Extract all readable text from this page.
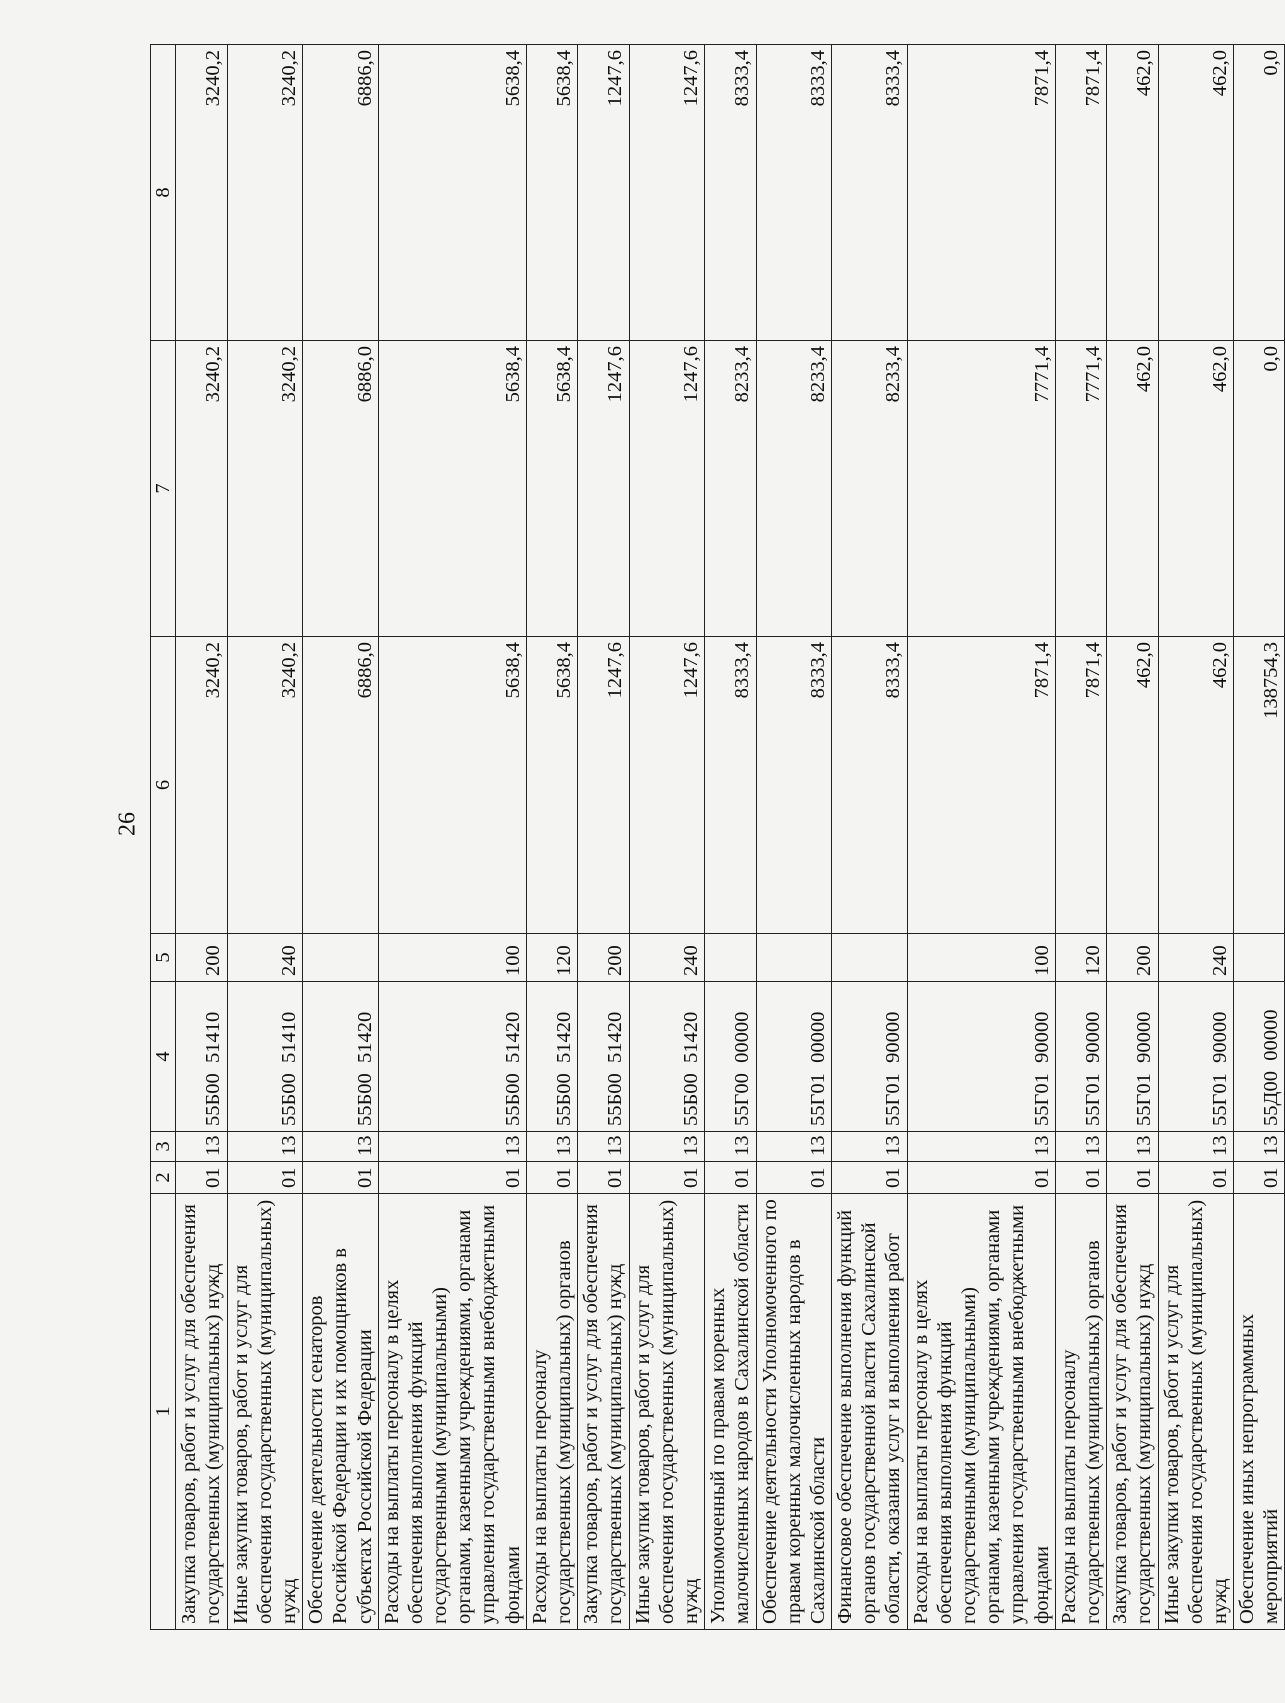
26
1	2	3	4	5	6	7	8
Закупка товаров, работ и услуг для обеспечения государственных (муниципальных) нужд	01	13	55Б00  51410	200	3240,2	3240,2	3240,2
Иные закупки товаров, работ и услуг для обеспечения государственных (муниципальных) нужд	01	13	55Б00  51410	240	3240,2	3240,2	3240,2
Обеспечение деятельности сенаторов Российской Федерации и их помощников в субъектах Российской Федерации	01	13	55Б00  51420		6886,0	6886,0	6886,0
Расходы на выплаты персоналу в целях обеспечения выполнения функций государственными (муниципальными) органами, казенными учреждениями, органами управления государственными внебюджетными фондами	01	13	55Б00  51420	100	5638,4	5638,4	5638,4
Расходы на выплаты персоналу государственных (муниципальных) органов	01	13	55Б00  51420	120	5638,4	5638,4	5638,4
Закупка товаров, работ и услуг для обеспечения государственных (муниципальных) нужд	01	13	55Б00  51420	200	1247,6	1247,6	1247,6
Иные закупки товаров, работ и услуг для обеспечения государственных (муниципальных) нужд	01	13	55Б00  51420	240	1247,6	1247,6	1247,6
Уполномоченный по правам коренных малочисленных народов в Сахалинской области	01	13	55Г00  00000		8333,4	8233,4	8333,4
Обеспечение деятельности Уполномоченного по правам коренных малочисленных народов в Сахалинской области	01	13	55Г01  00000		8333,4	8233,4	8333,4
Финансовое обеспечение выполнения функций органов государственной власти Сахалинской области, оказания услуг и выполнения работ	01	13	55Г01  90000		8333,4	8233,4	8333,4
Расходы на выплаты персоналу в целях обеспечения выполнения функций государственными (муниципальными) органами, казенными учреждениями, органами управления государственными внебюджетными фондами	01	13	55Г01  90000	100	7871,4	7771,4	7871,4
Расходы на выплаты персоналу государственных (муниципальных) органов	01	13	55Г01  90000	120	7871,4	7771,4	7871,4
Закупка товаров, работ и услуг для обеспечения государственных (муниципальных) нужд	01	13	55Г01  90000	200	462,0	462,0	462,0
Иные закупки товаров, работ и услуг для обеспечения государственных (муниципальных) нужд	01	13	55Г01  90000	240	462,0	462,0	462,0
Обеспечение иных непрограммных мероприятий	01	13	55Д00  00000		138754,3	0,0	0,0
